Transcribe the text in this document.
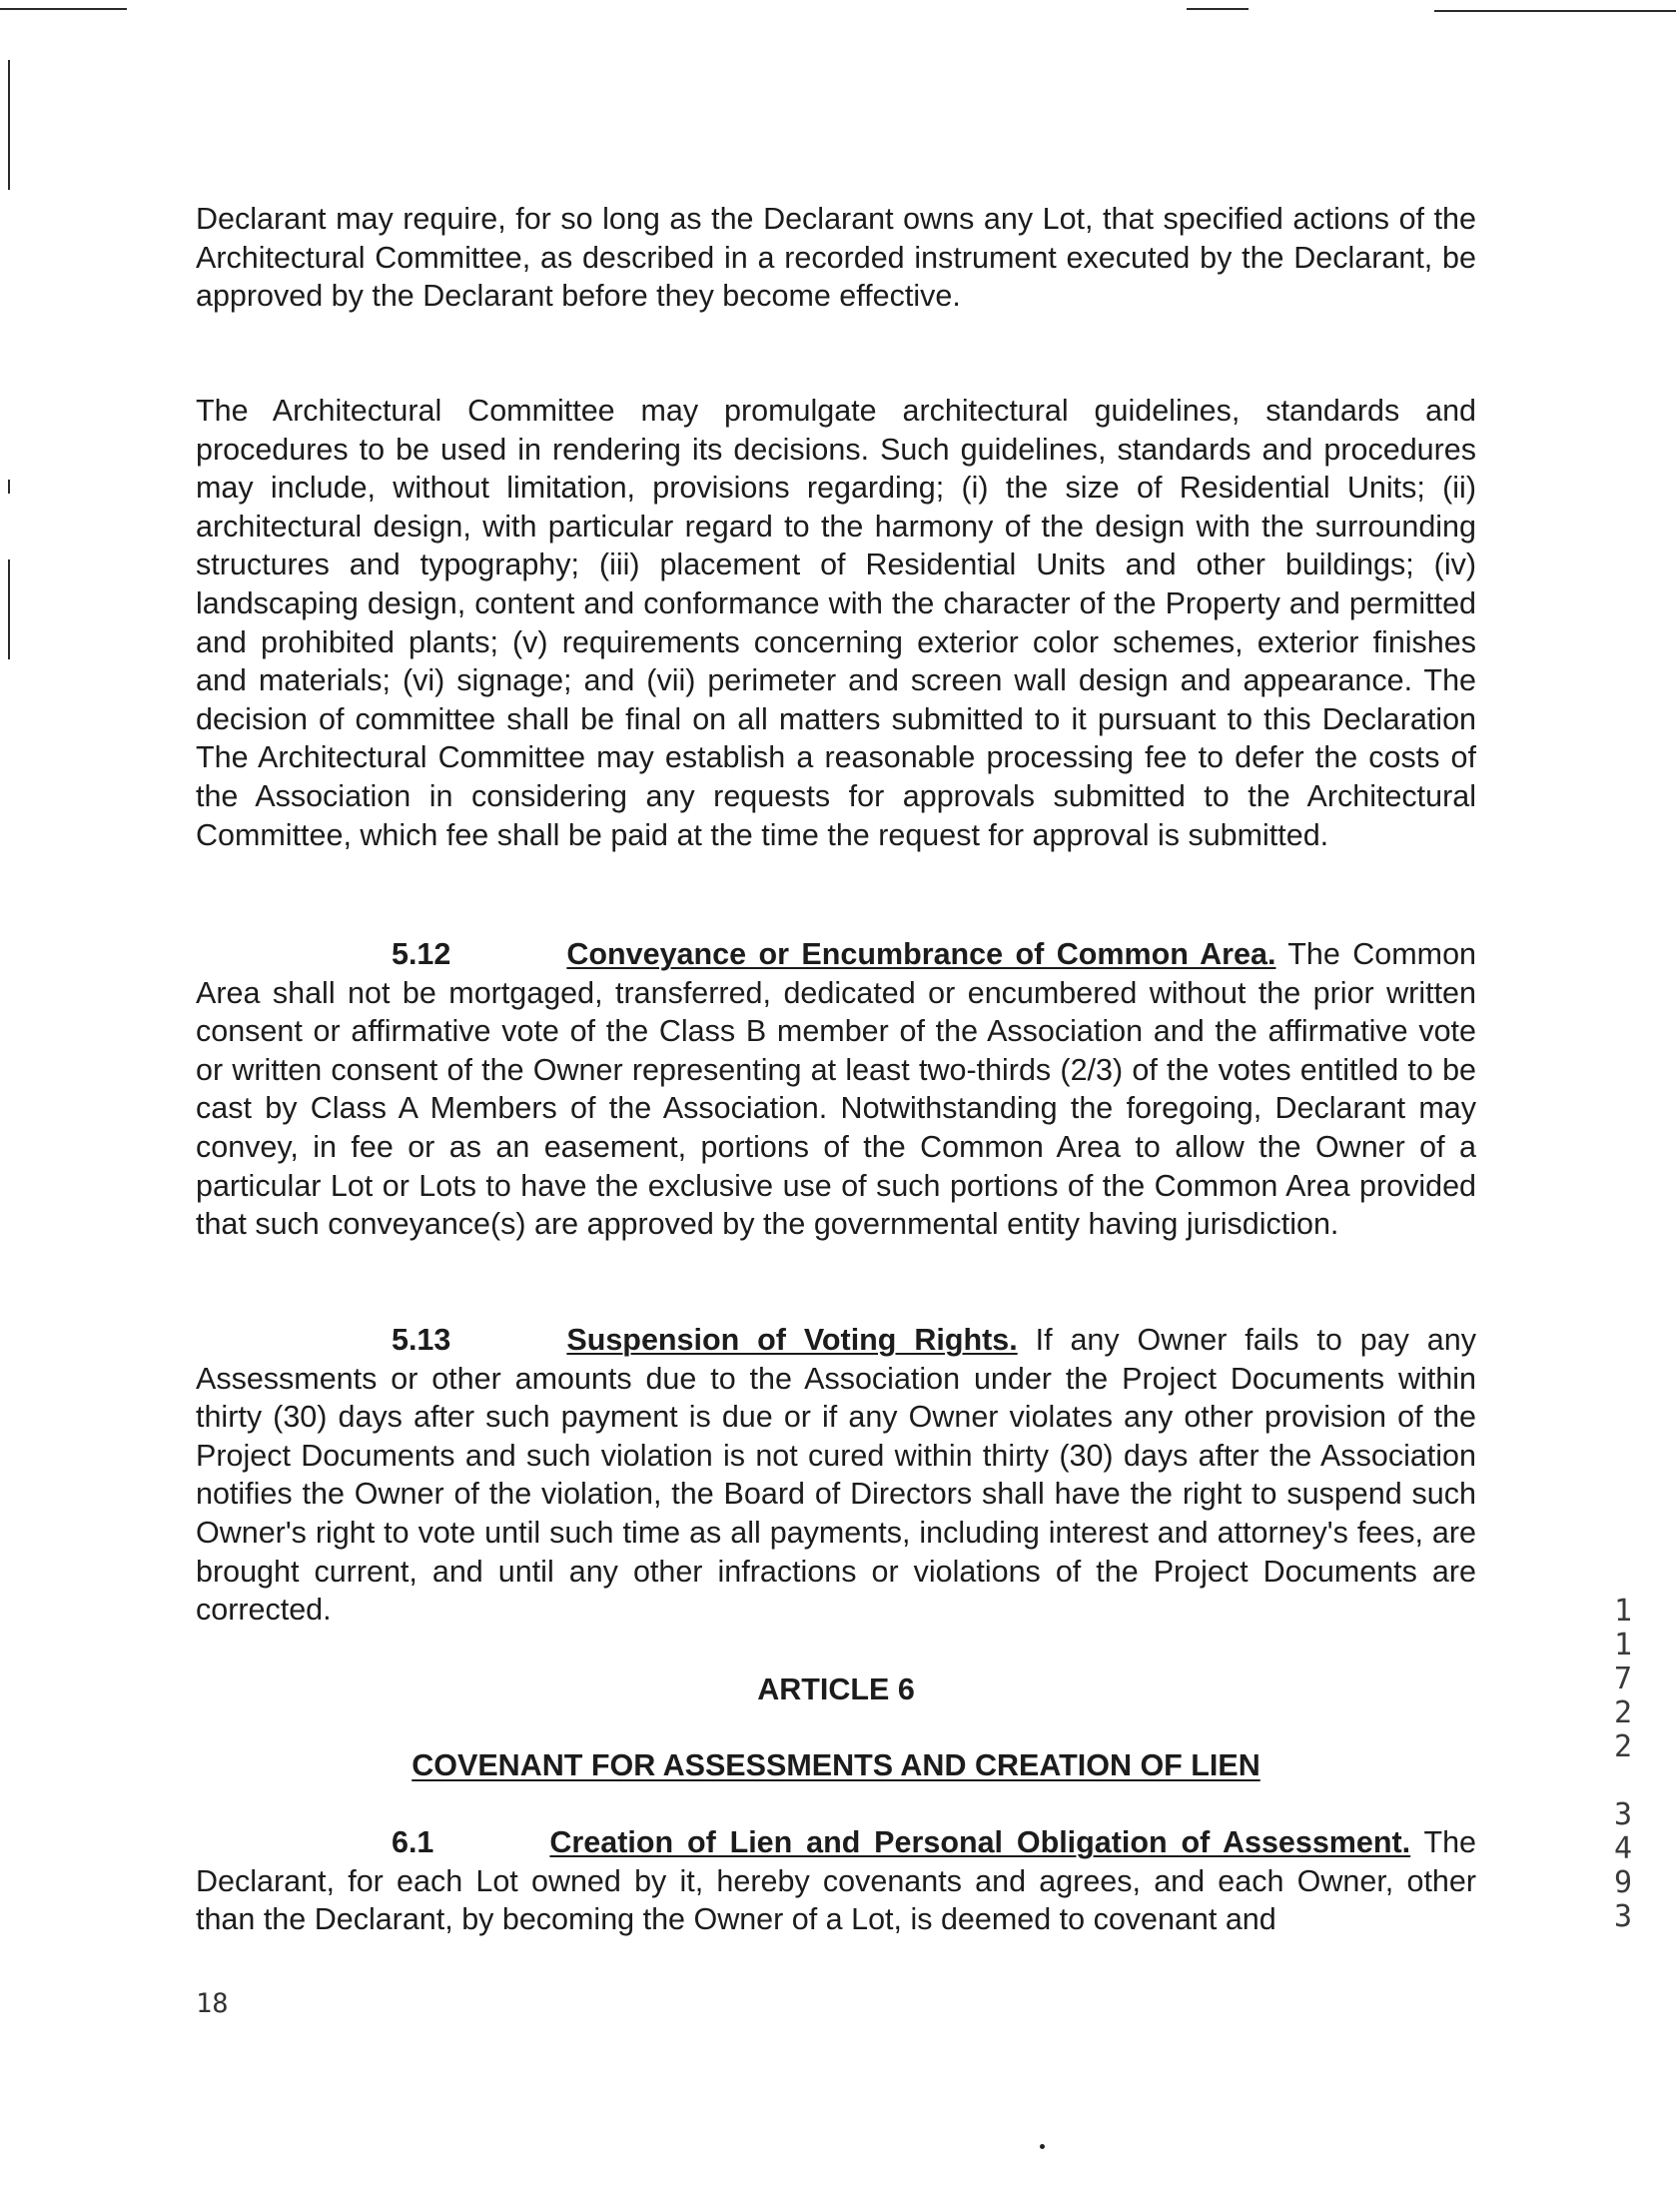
Declarant may require, for so long as the Declarant owns any Lot, that specified actions of the Architectural Committee, as described in a recorded instrument executed by the Declarant, be approved by the Declarant before they become effective.

The Architectural Committee may promulgate architectural guidelines, standards and procedures to be used in rendering its decisions. Such guidelines, standards and procedures may include, without limitation, provisions regarding; (i) the size of Residential Units; (ii) architectural design, with particular regard to the harmony of the design with the surrounding structures and typography; (iii) placement of Residential Units and other buildings; (iv) landscaping design, content and conformance with the character of the Property and permitted and prohibited plants; (v) requirements concerning exterior color schemes, exterior finishes and materials; (vi) signage; and (vii) perimeter and screen wall design and appearance. The decision of committee shall be final on all matters submitted to it pursuant to this Declaration The Architectural Committee may establish a reasonable processing fee to defer the costs of the Association in considering any requests for approvals submitted to the Architectural Committee, which fee shall be paid at the time the request for approval is submitted.

5.12	Conveyance or Encumbrance of Common Area. The Common Area shall not be mortgaged, transferred, dedicated or encumbered without the prior written consent or affirmative vote of the Class B member of the Association and the affirmative vote or written consent of the Owner representing at least two-thirds (2/3) of the votes entitled to be cast by Class A Members of the Association. Notwithstanding the foregoing, Declarant may convey, in fee or as an easement, portions of the Common Area to allow the Owner of a particular Lot or Lots to have the exclusive use of such portions of the Common Area provided that such conveyance(s) are approved by the governmental entity having jurisdiction.

5.13	Suspension of Voting Rights. If any Owner fails to pay any Assessments or other amounts due to the Association under the Project Documents within thirty (30) days after such payment is due or if any Owner violates any other provision of the Project Documents and such violation is not cured within thirty (30) days after the Association notifies the Owner of the violation, the Board of Directors shall have the right to suspend such Owner's right to vote until such time as all payments, including interest and attorney's fees, are brought current, and until any other infractions or violations of the Project Documents are corrected.

ARTICLE 6

COVENANT FOR ASSESSMENTS AND CREATION OF LIEN

6.1	Creation of Lien and Personal Obligation of Assessment. The Declarant, for each Lot owned by it, hereby covenants and agrees, and each Owner, other than the Declarant, by becoming the Owner of a Lot, is deemed to covenant and

18
1
1
7
2
2
3
4
9
3
